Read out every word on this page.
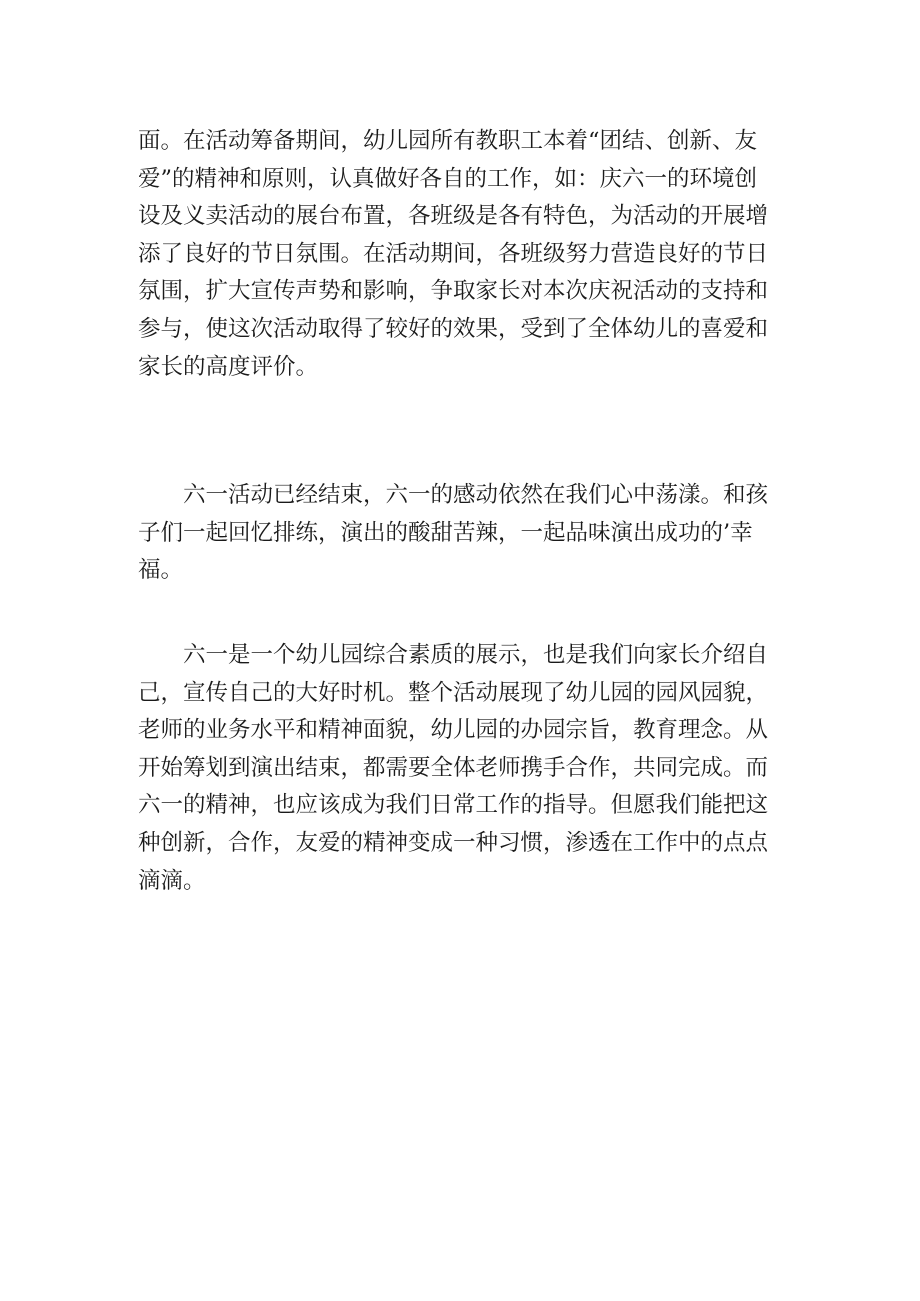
面。在活动筹备期间，幼儿园所有教职工本着“团结、创新、友
爱”的精神和原则，认真做好各自的工作，如：庆六一的环境创
设及义卖活动的展台布置，各班级是各有特色，为活动的开展增
添了良好的节日氛围。在活动期间，各班级努力营造良好的节日
氛围，扩大宣传声势和影响，争取家长对本次庆祝活动的支持和
参与，使这次活动取得了较好的效果，受到了全体幼儿的喜爱和
家长的高度评价。
　　六一活动已经结束，六一的感动依然在我们心中荡漾。和孩
子们一起回忆排练，演出的酸甜苦辣，一起品味演出成功的’幸
福。
　　六一是一个幼儿园综合素质的展示，也是我们向家长介绍自
己，宣传自己的大好时机。整个活动展现了幼儿园的园风园貌，
老师的业务水平和精神面貌，幼儿园的办园宗旨，教育理念。从
开始筹划到演出结束，都需要全体老师携手合作，共同完成。而
六一的精神，也应该成为我们日常工作的指导。但愿我们能把这
种创新，合作，友爱的精神变成一种习惯，渗透在工作中的点点
滴滴。
